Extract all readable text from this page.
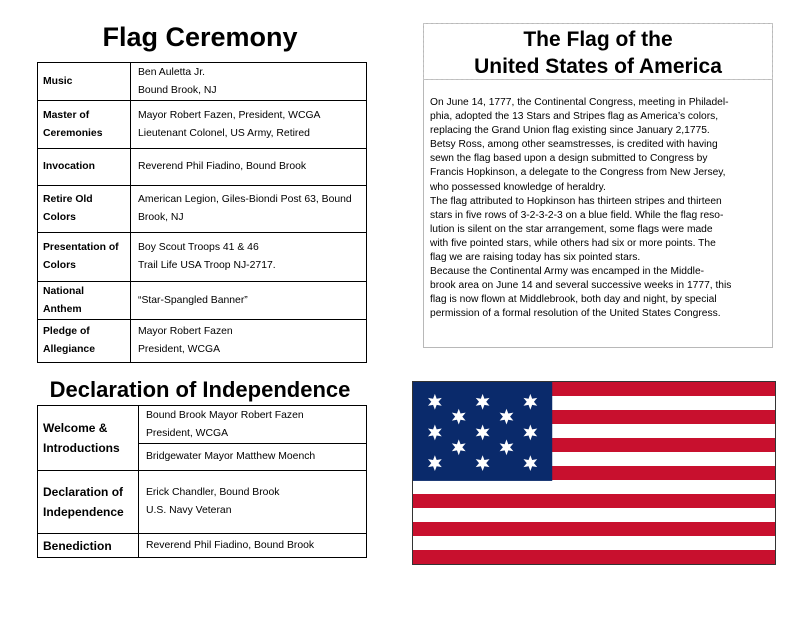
Flag Ceremony
Music	Ben Auletta Jr.
Bound Brook, NJ

Master of Ceremonies	Mayor Robert Fazen, President, WCGA
Lieutenant Colonel, US Army, Retired

Invocation	Reverend Phil Fiadino, Bound Brook

Retire Old Colors	American Legion, Giles-Biondi Post 63, Bound Brook, NJ
Presentation of Colors	Boy Scout Troops 41 & 46
Trail Life USA Troop NJ-2717.

National Anthem	“Star-Spangled Banner”
Pledge of Allegiance	Mayor Robert Fazen
President, WCGA
Declaration of Independence
Welcome & Introductions	Bound Brook Mayor Robert Fazen
President, WCGA

	Bridgewater Mayor Matthew Moench
Declaration of Independence	Erick Chandler, Bound Brook
U.S. Navy Veteran

Benediction	Reverend Phil Fiadino, Bound Brook
The Flag of the
United States of America
On June 14, 1777, the Continental Congress, meeting in Philadel-
phia, adopted the 13 Stars and Stripes flag as America’s colors,
replacing the Grand Union flag existing since January 2,1775.
Betsy Ross, among other seamstresses, is credited with having
sewn the flag based upon a design submitted to Congress by
Francis Hopkinson, a delegate to the Congress from New Jersey,
who possessed knowledge of heraldry.
The flag attributed to Hopkinson has thirteen stripes and thirteen
stars in five rows of 3-2-3-2-3 on a blue field. While the flag reso-
lution is silent on the star arrangement, some flags were made
with five pointed stars, while others had six or more points. The
flag we are raising today has six pointed stars.
Because the Continental Army was encamped in the Middle-
brook area on June 14 and several successive weeks in 1777, this
flag is now flown at Middlebrook, both day and night, by special
permission of a formal resolution of the United States Congress.
